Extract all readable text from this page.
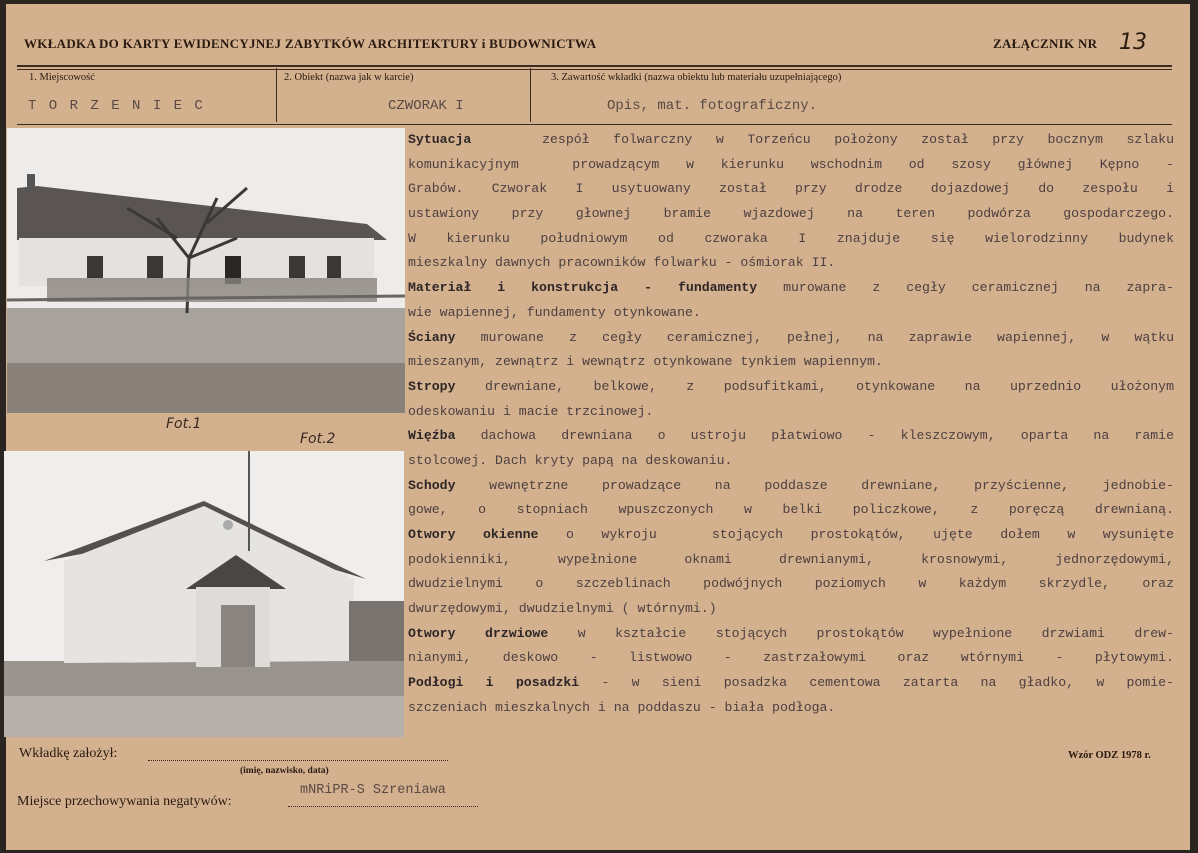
WKŁADKA DO KARTY EWIDENCYJNEJ ZABYTKÓW ARCHITEKTURY i BUDOWNICTWA	ZAŁĄCZNIK NR 13
1. Miejscowość	2. Obiekt (nazwa jak w karcie)	3. Zawartość wkładki (nazwa obiektu lub materiału uzupełniającego)
T O R Z E N I E C	CZWORAK I	Opis, mat. fotograficzny.
Fot.1
Fot.2
Sytuacja   zespół folwarczny w Torzeńcu położony został przy bocznym szlaku
komunikacyjnym  prowadzącym w kierunku wschodnim od szosy głównej Kępno -
Grabów. Czworak I usytuowany został przy drodze dojazdowej do zespołu i
ustawiony przy głownej bramie wjazdowej na teren podwórza gospodarczego.
W kierunku południowym od czworaka I znajduje się wielorodzinny budynek
mieszkalny dawnych pracowników folwarku - ośmiorak II.
Materiał i konstrukcja - fundamenty murowane z cegły ceramicznej na zapra-
wie wapiennej, fundamenty otynkowane.
Ściany murowane z cegły ceramicznej, pełnej, na zaprawie wapiennej, w wątku
mieszanym, zewnątrz i wewnątrz otynkowane tynkiem wapiennym.
Stropy drewniane, belkowe, z podsufitkami, otynkowane na uprzednio ułożonym
odeskowaniu i macie trzcinowej.
Więźba dachowa drewniana o ustroju płatwiowo - kleszczowym, oparta na ramie
stolcowej. Dach kryty papą na deskowaniu.
Schody wewnętrzne prowadzące na poddasze drewniane, przyścienne, jednobie-
gowe, o stopniach wpuszczonych w belki policzkowe, z poręczą drewnianą.
Otwory okienne o wykroju  stojących prostokątów, ujęte dołem w wysunięte
podokienniki, wypełnione oknami drewnianymi, krosnowymi, jednorzędowymi,
dwudzielnymi o szczeblinach podwójnych poziomych w każdym skrzydle, oraz
dwurzędowymi, dwudzielnymi ( wtórnymi.)
Otwory drzwiowe w kształcie stojących prostokątów wypełnione drzwiami drew-
nianymi, deskowo - listwowo - zastrzałowymi oraz wtórnymi - płytowymi.
Podłogi i posadzki - w sieni posadzka cementowa zatarta na gładko, w pomie-
szczeniach mieszkalnych i na poddaszu - biała podłoga.
Wkładkę założył:
(imię, nazwisko, data)
Wzór ODZ 1978 r.
Miejsce przechowywania negatywów:
mNRiPR-S Szreniawa
